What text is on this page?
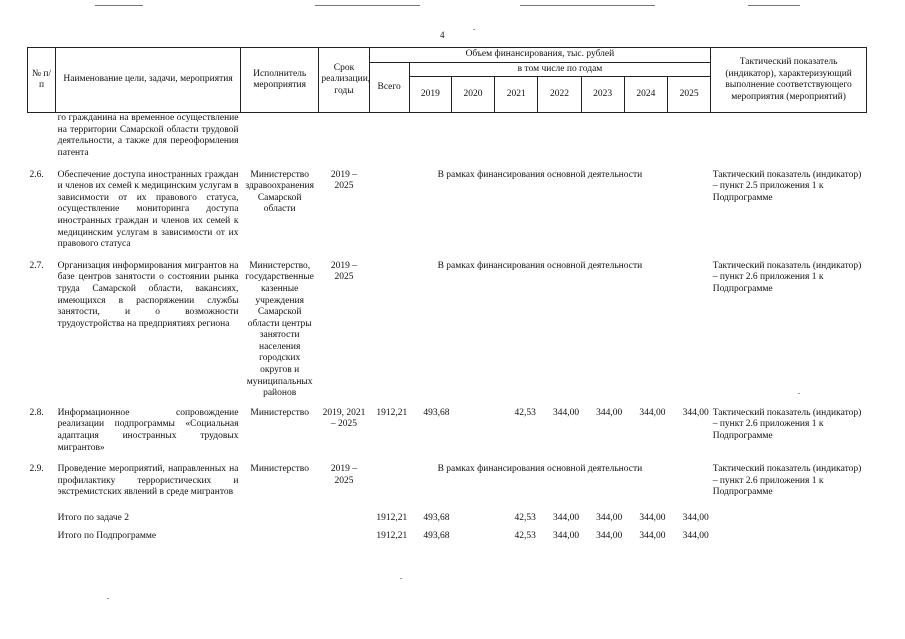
4
№ п/п	Наименование цели, задачи, мероприятия	Исполнитель мероприятия	Срок реализации, годы	Объем финансирования, тыс. рублей								Тактический показатель (индикатор), характеризующий выполнение соответствующего мероприятия (мероприятий)
				Всего	в том числе по годам							
					2019	2020	2021	2022	2023	2024	2025	
	го гражданина на временное осуществление на территории Самарской области трудовой деятельности, а также для переоформления патента											

2.6.	Обеспечение доступа иностранных граждан и членов их семей к медицинским услугам в зависимости от их правового статуса, осуществление мониторинга доступа иностранных граждан и членов их семей к медицинским услугам в зависимости от их правового статуса	Министерство здравоохранения Самарской области	2019 – 2025	В рамках финансирования основной деятельности								Тактический показатель (индикатор) – пункт 2.5 приложения 1 к Подпрограмме

2.7.	Организация информирования мигрантов на базе центров занятости о состоянии рынка труда Самарской области, вакансиях, имеющихся в распоряжении службы занятости, и о возможности трудоустройства на предприятиях региона	Министерство, государственные казенные учреждения Самарской области центры занятости населения городских округов и муниципальных районов	2019 – 2025	В рамках финансирования основной деятельности								Тактический показатель (индикатор) – пункт 2.6 приложения 1 к Подпрограмме

2.8.	Информационное сопровождение реализации подпрограммы «Социальная адаптация иностранных трудовых мигрантов»	Министерство	2019, 2021 – 2025	1912,21	493,68		42,53	344,00	344,00	344,00	344,00	Тактический показатель (индикатор) – пункт 2.6 приложения 1 к Подпрограмме

2.9.	Проведение мероприятий, направленных на профилактику террористических и экстремистских явлений в среде мигрантов	Министерство	2019 – 2025	В рамках финансирования основной деятельности								Тактический показатель (индикатор) – пункт 2.6 приложения 1 к Подпрограмме

	Итого по задаче 2			1912,21	493,68		42,53	344,00	344,00	344,00	344,00	

	Итого по Подпрограмме			1912,21	493,68		42,53	344,00	344,00	344,00	344,00	
